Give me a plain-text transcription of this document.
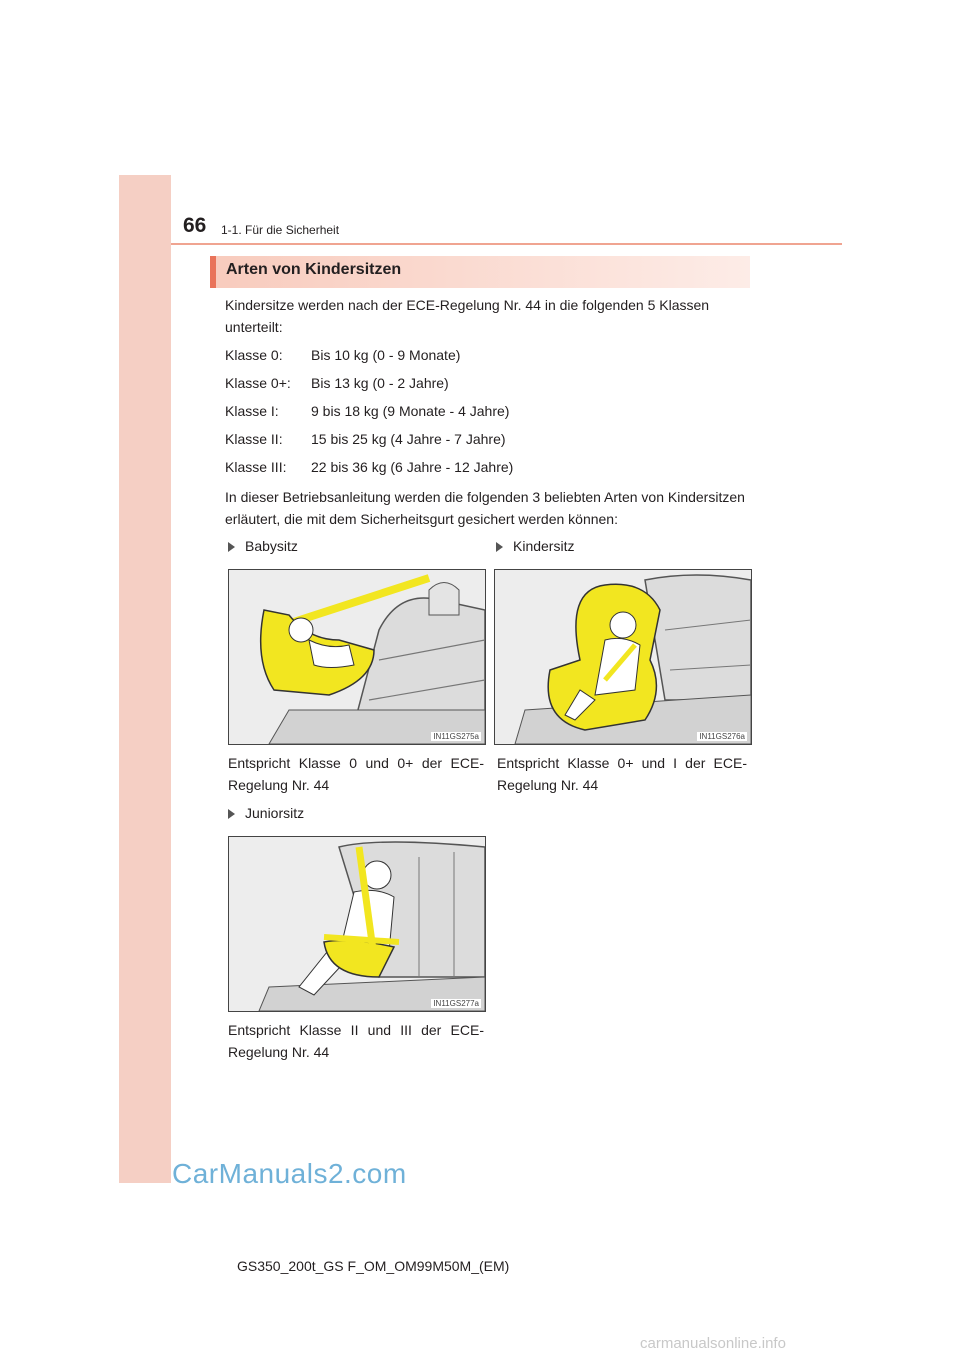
66 1-1. Für die Sicherheit
Arten von Kindersitzen
Kindersitze werden nach der ECE-Regelung Nr. 44 in die folgenden 5 Klassen unterteilt:
Klasse 0: Bis 10 kg (0 - 9 Monate)
Klasse 0+: Bis 13 kg (0 - 2 Jahre)
Klasse I: 9 bis 18 kg (9 Monate - 4 Jahre)
Klasse II: 15 bis 25 kg (4 Jahre - 7 Jahre)
Klasse III: 22 bis 36 kg (6 Jahre - 12 Jahre)
In dieser Betriebsanleitung werden die folgenden 3 beliebten Arten von Kindersitzen erläutert, die mit dem Sicherheitsgurt gesichert werden können:
Babysitz
IN11GS275a
Entspricht Klasse 0 und 0+ der ECE-Regelung Nr. 44
Kindersitz
IN11GS276a
Entspricht Klasse 0+ und I der ECE-Regelung Nr. 44
Juniorsitz
IN11GS277a
Entspricht Klasse II und III der ECE-Regelung Nr. 44
CarManuals2.com
GS350_200t_GS F_OM_OM99M50M_(EM)
carmanualsonline.info
